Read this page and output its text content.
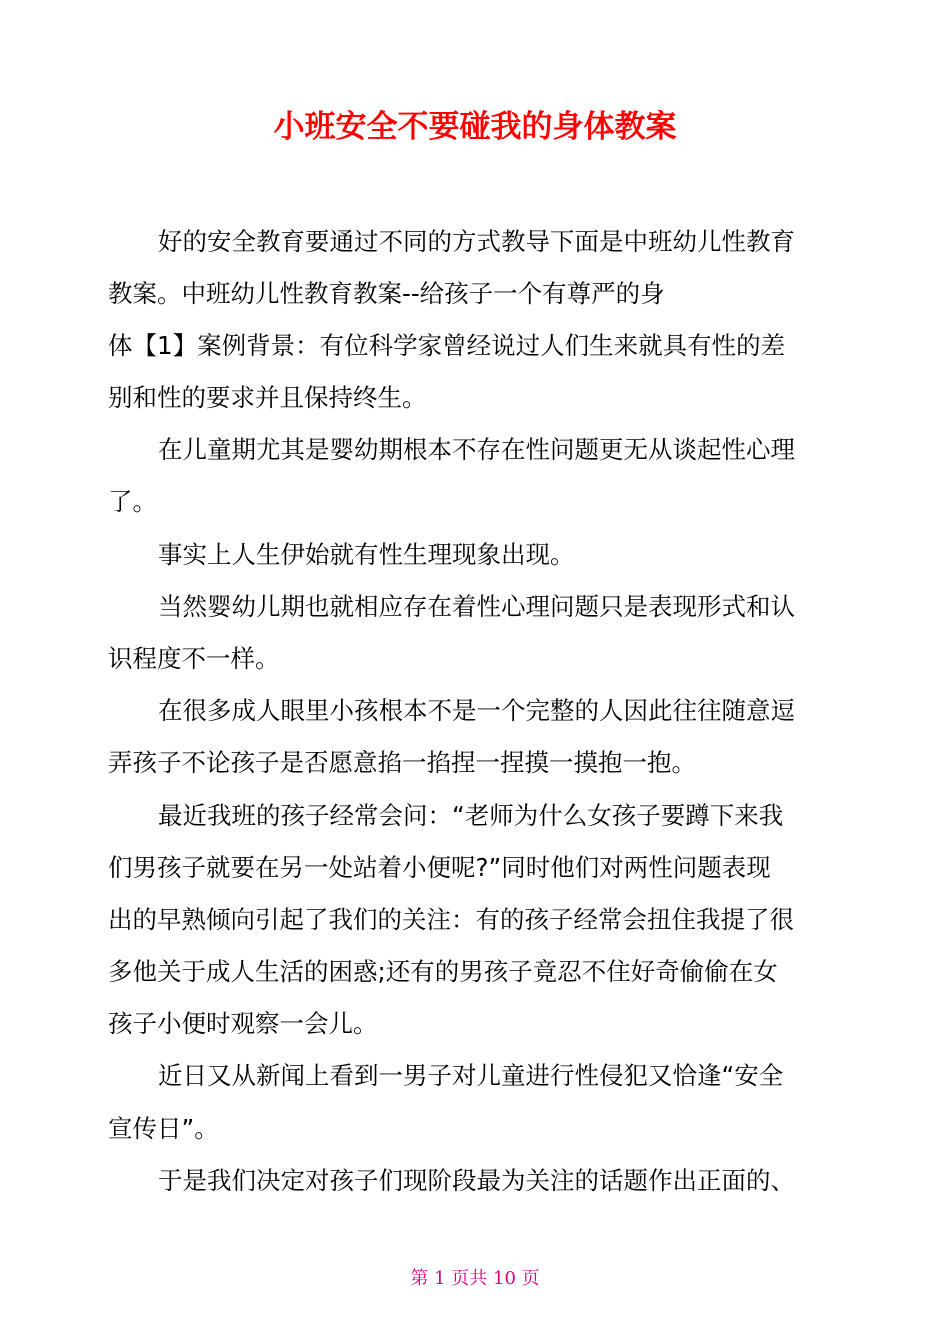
小班安全不要碰我的身体教案

好的安全教育要通过不同的方式教导下面是中班幼儿性教育

教案。中班幼儿性教育教案--给孩子一个有尊严的身

体【1】案例背景：有位科学家曾经说过人们生来就具有性的差

别和性的要求并且保持终生。

在儿童期尤其是婴幼期根本不存在性问题更无从谈起性心理

了。

事实上人生伊始就有性生理现象出现。

当然婴幼儿期也就相应存在着性心理问题只是表现形式和认

识程度不一样。

在很多成人眼里小孩根本不是一个完整的人因此往往随意逗

弄孩子不论孩子是否愿意掐一掐捏一捏摸一摸抱一抱。

最近我班的孩子经常会问：“老师为什么女孩子要蹲下来我

们男孩子就要在另一处站着小便呢?”同时他们对两性问题表现

出的早熟倾向引起了我们的关注：有的孩子经常会扭住我提了很

多他关于成人生活的困惑;还有的男孩子竟忍不住好奇偷偷在女

孩子小便时观察一会儿。

近日又从新闻上看到一男子对儿童进行性侵犯又恰逢“安全

宣传日”。

于是我们决定对孩子们现阶段最为关注的话题作出正面的、

第 1 页共 10 页
